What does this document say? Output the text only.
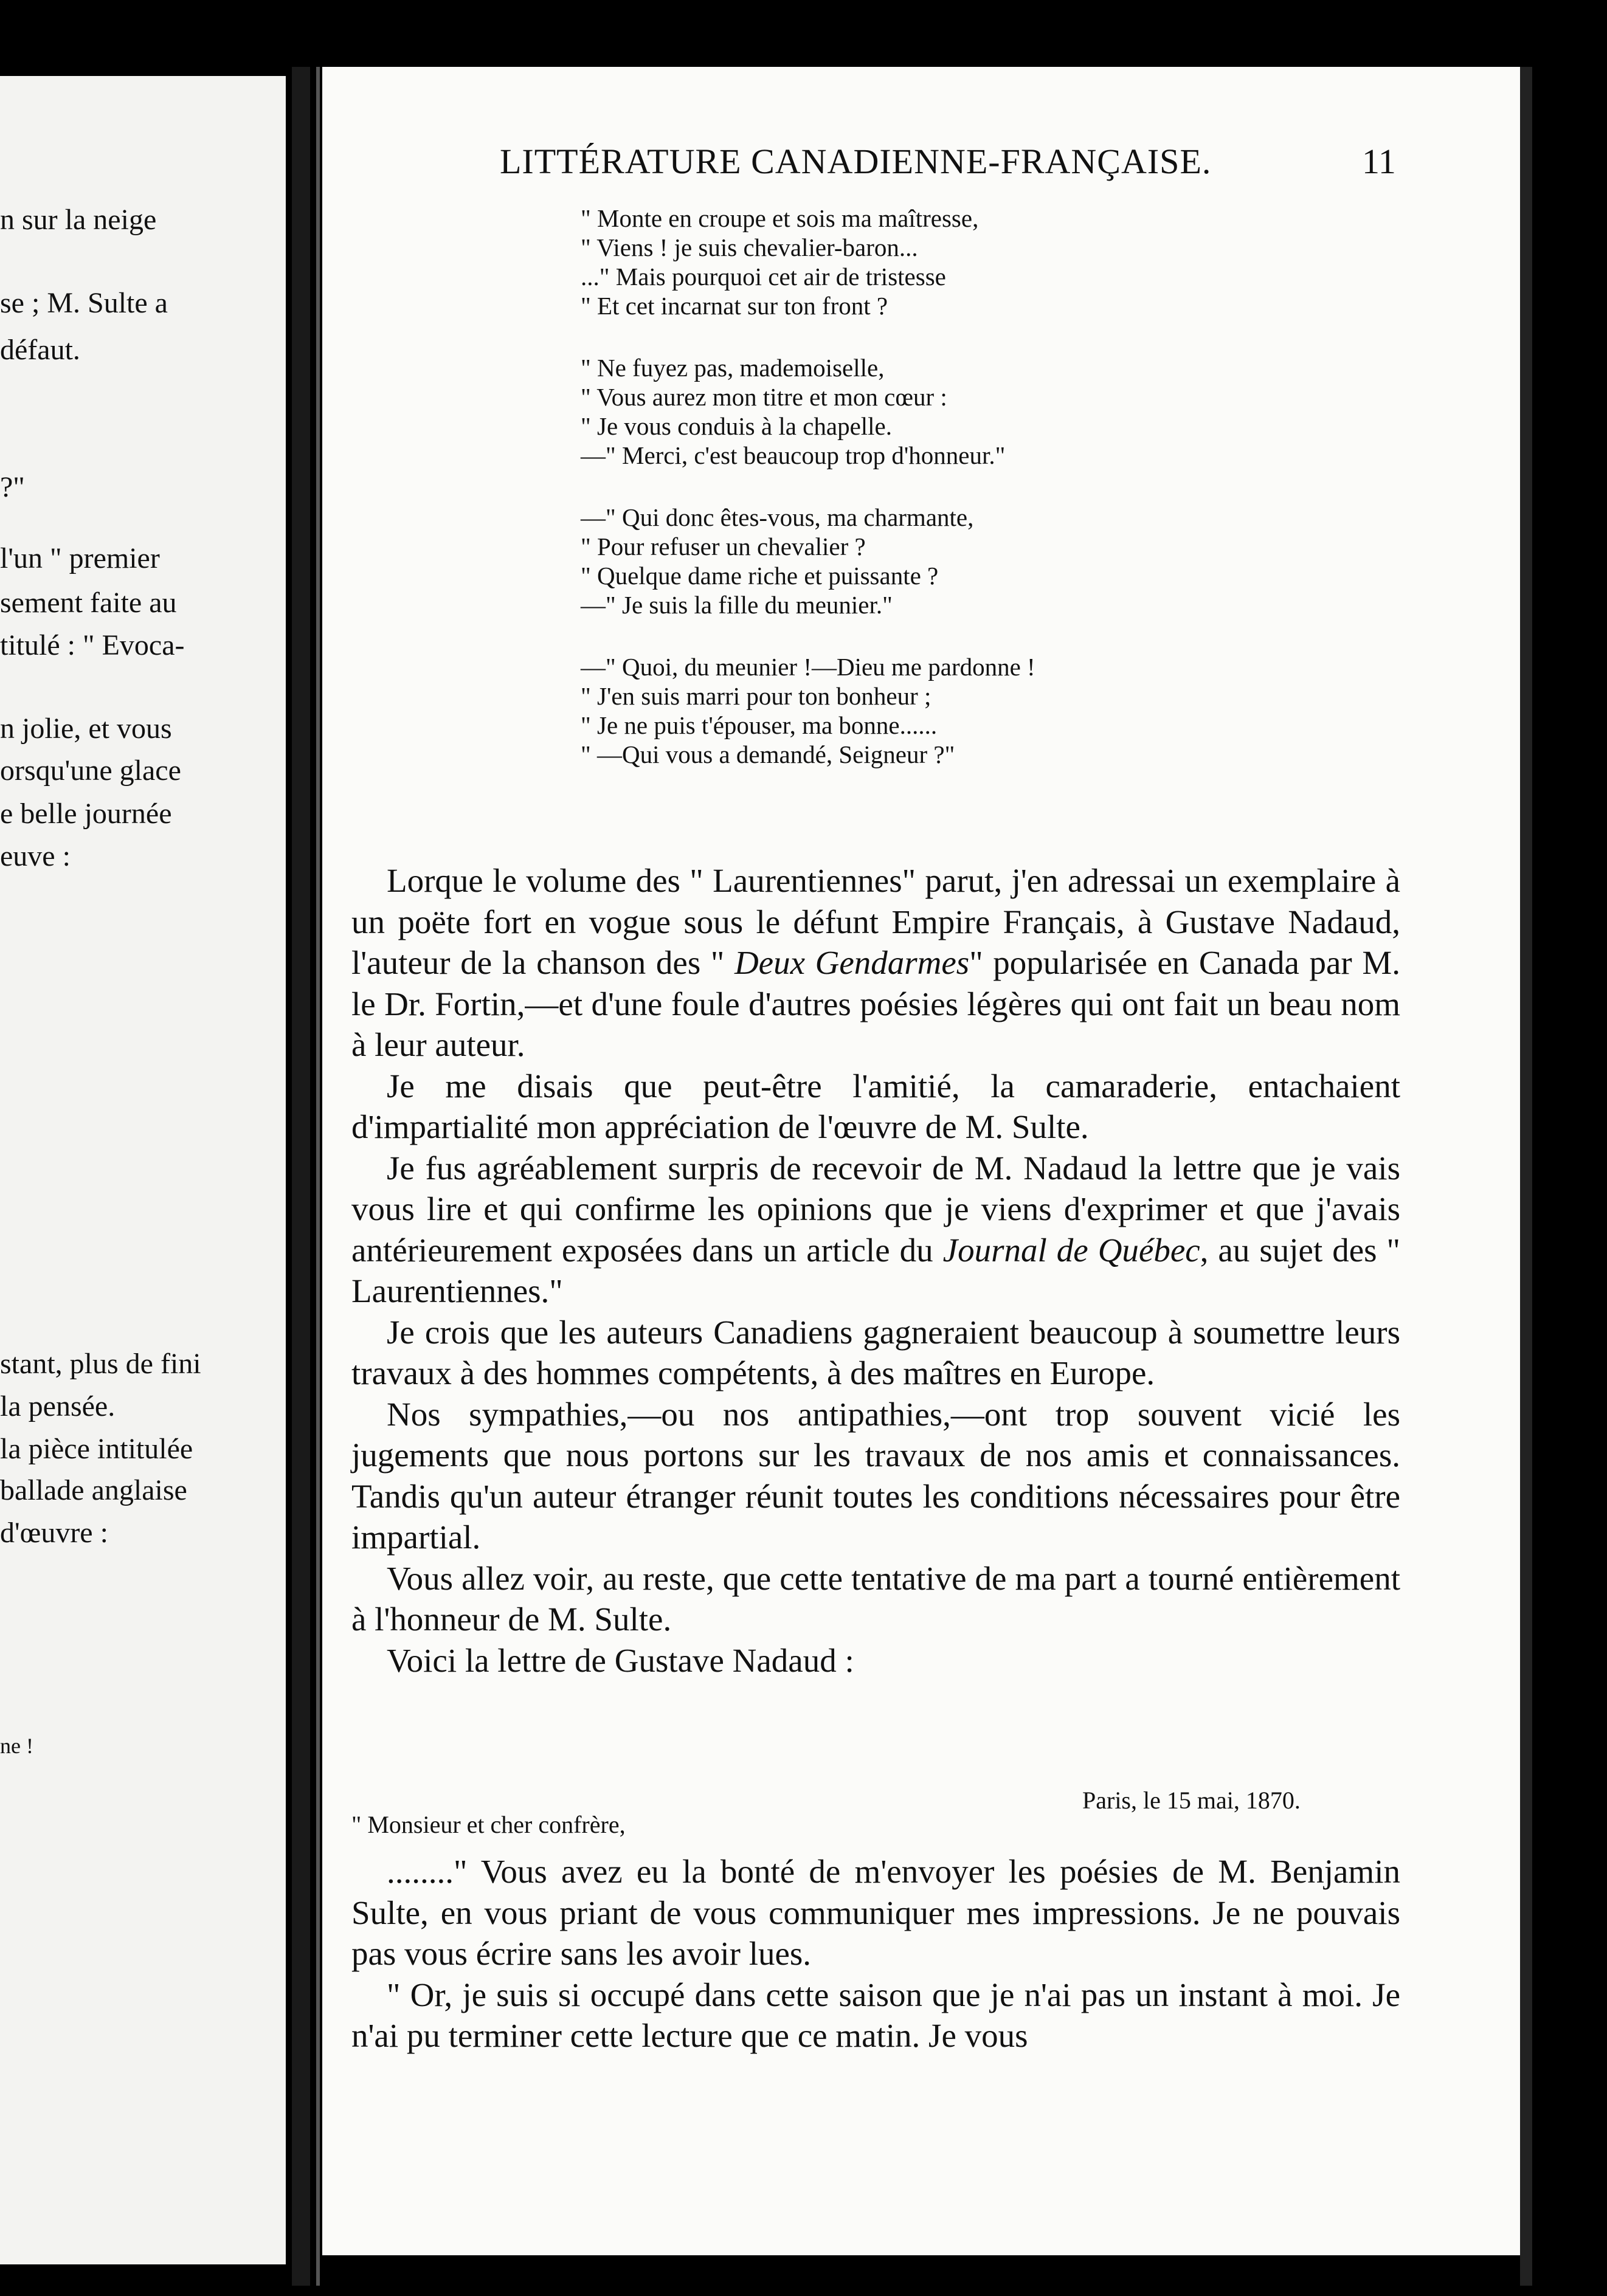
n sur la neige
se ; M. Sulte a
défaut.
?"
l'un " premier
sement faite au
titulé : " Evoca-
n jolie, et vous
orsqu'une glace
e belle journée
euve :
stant, plus de fini
la pensée.
la pièce intitulée
ballade anglaise
d'œuvre :
ne !
LITTÉRATURE CANADIENNE-FRANÇAISE.	11
" Monte en croupe et sois ma maîtresse,
" Viens ! je suis chevalier-baron...
..." Mais pourquoi cet air de tristesse
" Et cet incarnat sur ton front ?
" Ne fuyez pas, mademoiselle,
" Vous aurez mon titre et mon cœur :
" Je vous conduis à la chapelle.
—" Merci, c'est beaucoup trop d'honneur."
—" Qui donc êtes-vous, ma charmante,
" Pour refuser un chevalier ?
" Quelque dame riche et puissante ?
—" Je suis la fille du meunier."
—" Quoi, du meunier !—Dieu me pardonne !
" J'en suis marri pour ton bonheur ;
" Je ne puis t'épouser, ma bonne......
" —Qui vous a demandé, Seigneur ?"

Lorque le volume des " Laurentiennes" parut, j'en adressai un exemplaire à un poëte fort en vogue sous le défunt Empire Français, à Gustave Nadaud, l'auteur de la chanson des " Deux Gendarmes" popularisée en Canada par M. le Dr. Fortin,—et d'une foule d'autres poésies légères qui ont fait un beau nom à leur auteur.

Je me disais que peut-être l'amitié, la camaraderie, entachaient d'impartialité mon appréciation de l'œuvre de M. Sulte.

Je fus agréablement surpris de recevoir de M. Nadaud la lettre que je vais vous lire et qui confirme les opinions que je viens d'exprimer et que j'avais antérieurement exposées dans un article du Journal de Québec, au sujet des " Laurentiennes."

Je crois que les auteurs Canadiens gagneraient beaucoup à soumettre leurs travaux à des hommes compétents, à des maîtres en Europe.

Nos sympathies,—ou nos antipathies,—ont trop souvent vicié les jugements que nous portons sur les travaux de nos amis et connaissances. Tandis qu'un auteur étranger réunit toutes les conditions nécessaires pour être impartial.

Vous allez voir, au reste, que cette tentative de ma part a tourné entièrement à l'honneur de M. Sulte.

Voici la lettre de Gustave Nadaud :

Paris, le 15 mai, 1870.
" Monsieur et cher confrère,

........" Vous avez eu la bonté de m'envoyer les poésies de M. Benjamin Sulte, en vous priant de vous communiquer mes impressions. Je ne pouvais pas vous écrire sans les avoir lues.

" Or, je suis si occupé dans cette saison que je n'ai pas un instant à moi. Je n'ai pu terminer cette lecture que ce matin. Je vous
